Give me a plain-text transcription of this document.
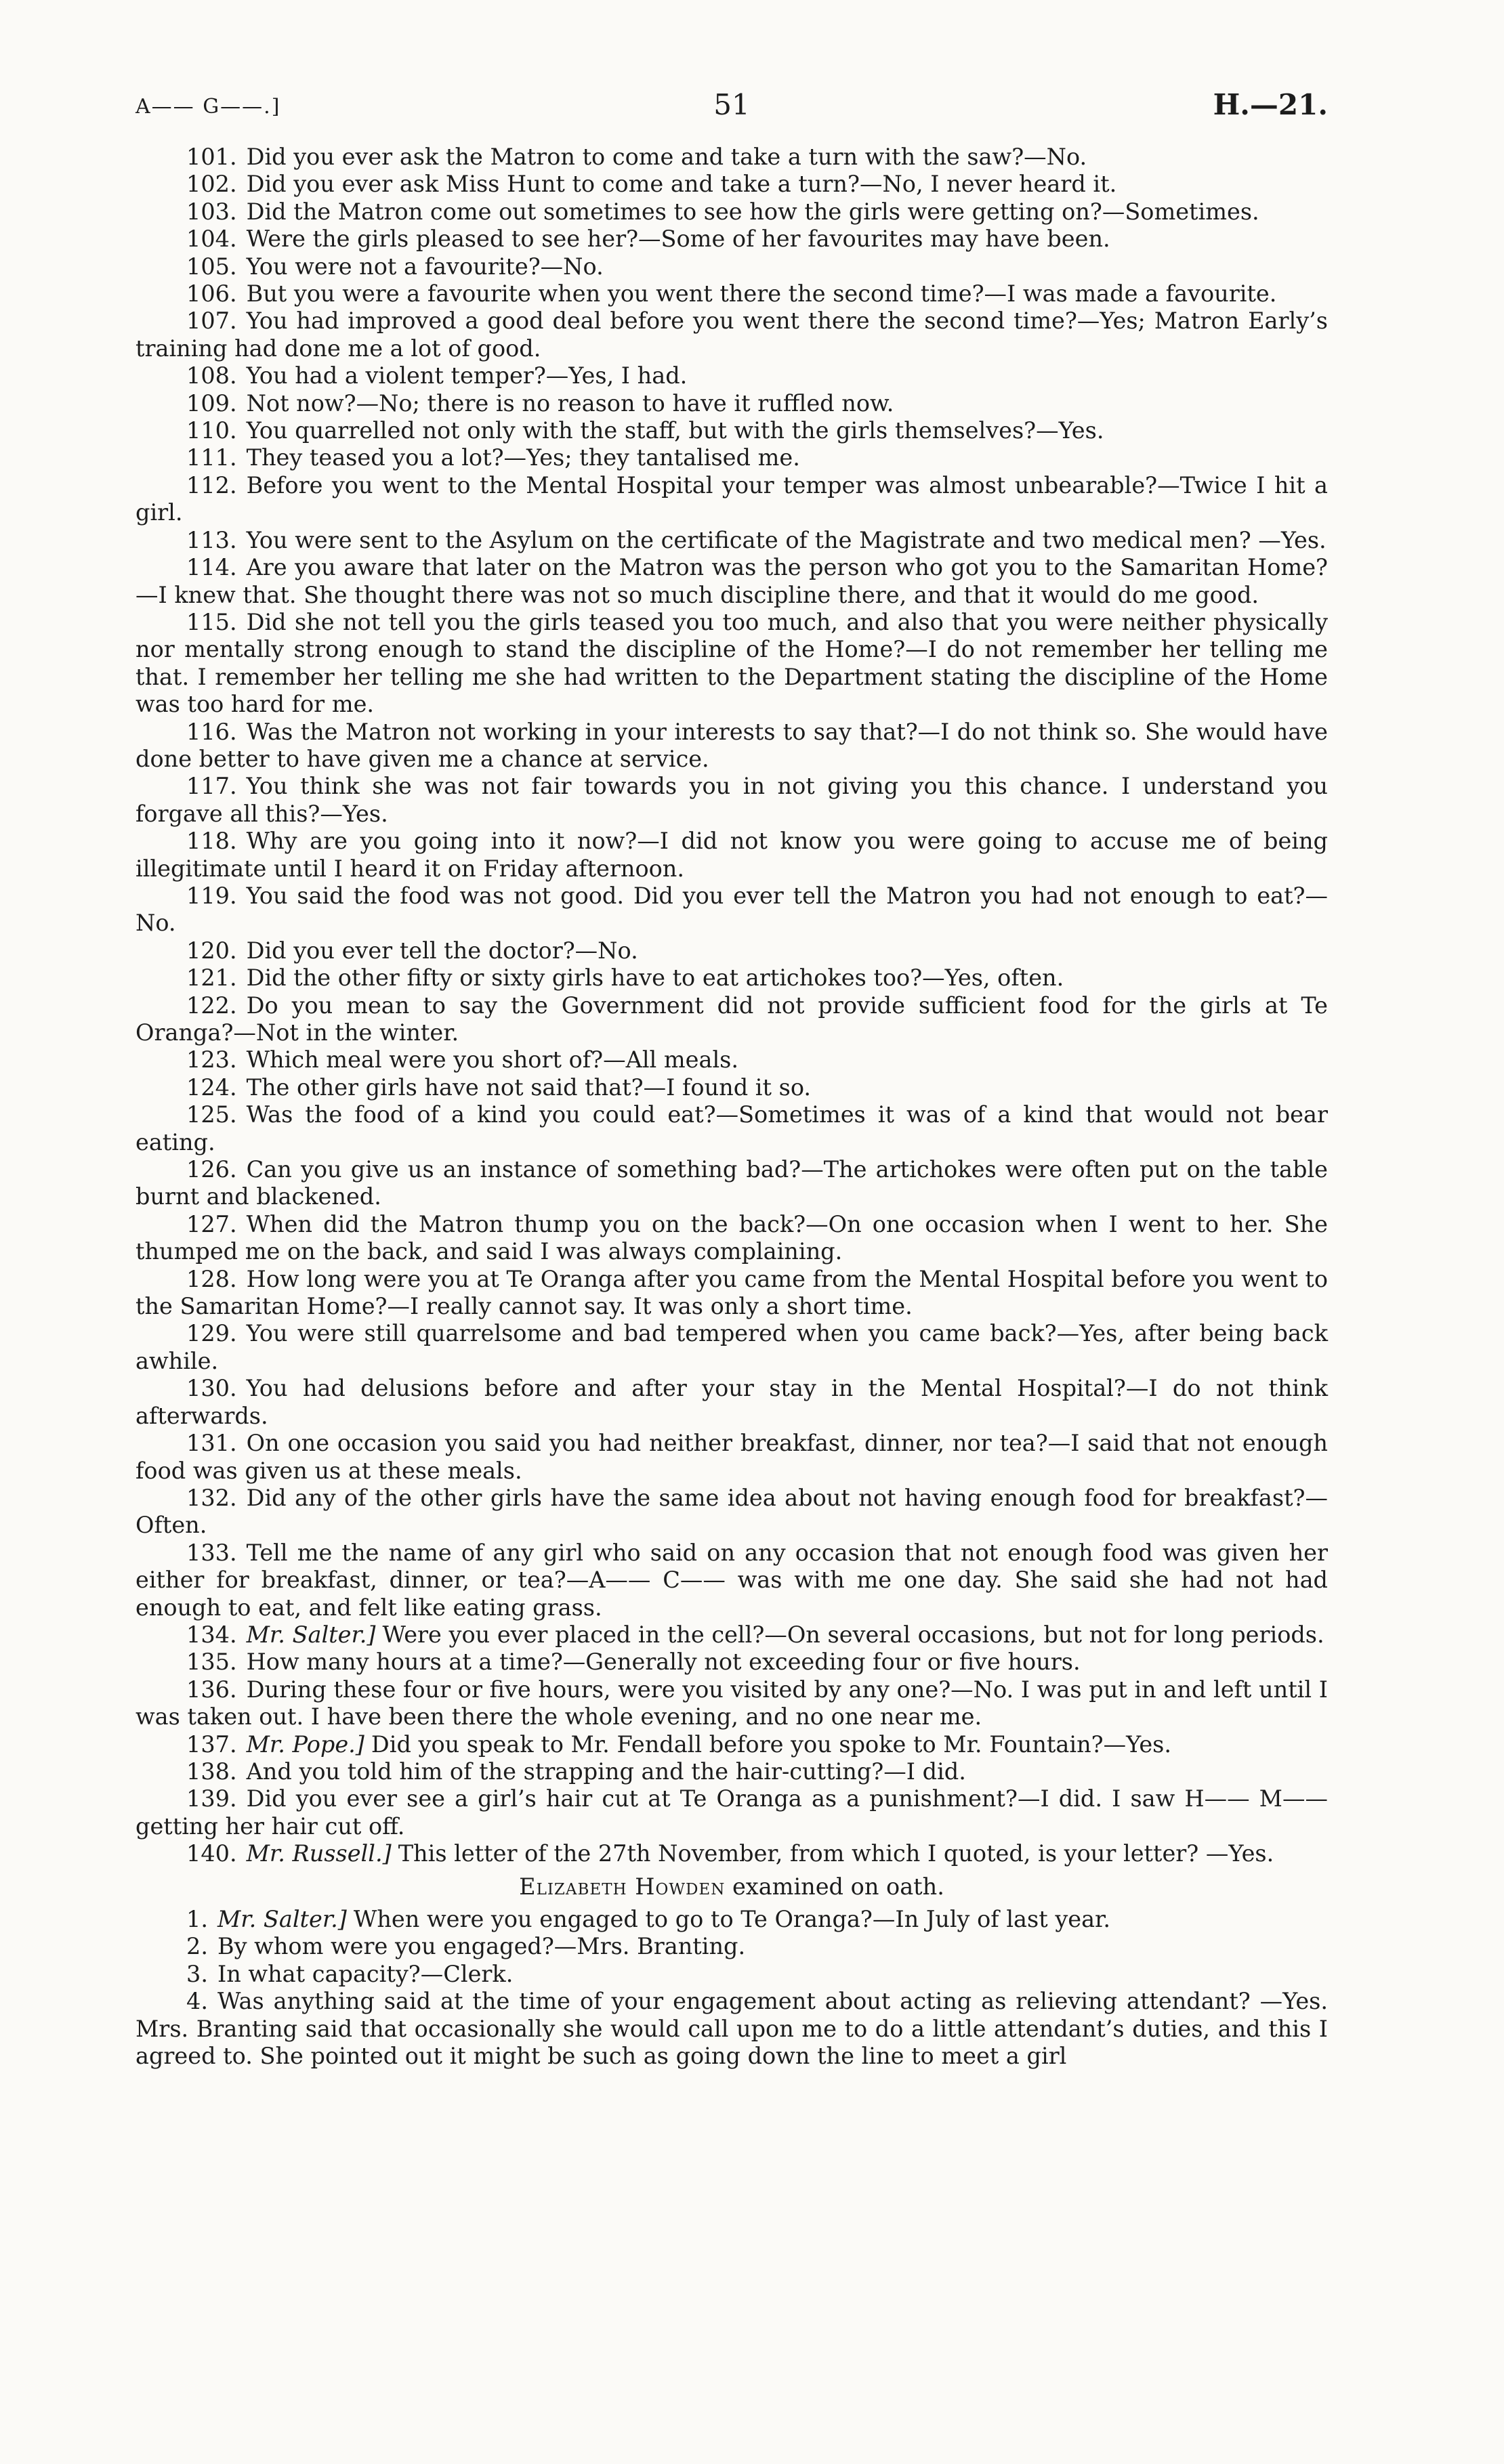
A—— G——.]	51	H.—21.

101. Did you ever ask the Matron to come and take a turn with the saw?—No.

102. Did you ever ask Miss Hunt to come and take a turn?—No, I never heard it.

103. Did the Matron come out sometimes to see how the girls were getting on?—Sometimes.

104. Were the girls pleased to see her?—Some of her favourites may have been.

105. You were not a favourite?—No.

106. But you were a favourite when you went there the second time?—I was made a favourite.

107. You had improved a good deal before you went there the second time?—Yes; Matron Early’s training had done me a lot of good.

108. You had a violent temper?—Yes, I had.

109. Not now?—No; there is no reason to have it ruffled now.

110. You quarrelled not only with the staff, but with the girls themselves?—Yes.

111. They teased you a lot?—Yes; they tantalised me.

112. Before you went to the Mental Hospital your temper was almost unbearable?—Twice I hit a girl.

113. You were sent to the Asylum on the certificate of the Magistrate and two medical men? —Yes.

114. Are you aware that later on the Matron was the person who got you to the Samaritan Home?—I knew that. She thought there was not so much discipline there, and that it would do me good.

115. Did she not tell you the girls teased you too much, and also that you were neither physically nor mentally strong enough to stand the discipline of the Home?—I do not remember her telling me that. I remember her telling me she had written to the Department stating the discipline of the Home was too hard for me.

116. Was the Matron not working in your interests to say that?—I do not think so. She would have done better to have given me a chance at service.

117. You think she was not fair towards you in not giving you this chance. I understand you forgave all this?—Yes.

118. Why are you going into it now?—I did not know you were going to accuse me of being illegitimate until I heard it on Friday afternoon.

119. You said the food was not good. Did you ever tell the Matron you had not enough to eat?—No.

120. Did you ever tell the doctor?—No.

121. Did the other fifty or sixty girls have to eat artichokes too?—Yes, often.

122. Do you mean to say the Government did not provide sufficient food for the girls at Te Oranga?—Not in the winter.

123. Which meal were you short of?—All meals.

124. The other girls have not said that?—I found it so.

125. Was the food of a kind you could eat?—Sometimes it was of a kind that would not bear eating.

126. Can you give us an instance of something bad?—The artichokes were often put on the table burnt and blackened.

127. When did the Matron thump you on the back?—On one occasion when I went to her. She thumped me on the back, and said I was always complaining.

128. How long were you at Te Oranga after you came from the Mental Hospital before you went to the Samaritan Home?—I really cannot say. It was only a short time.

129. You were still quarrelsome and bad tempered when you came back?—Yes, after being back awhile.

130. You had delusions before and after your stay in the Mental Hospital?—I do not think afterwards.

131. On one occasion you said you had neither breakfast, dinner, nor tea?—I said that not enough food was given us at these meals.

132. Did any of the other girls have the same idea about not having enough food for breakfast?—Often.

133. Tell me the name of any girl who said on any occasion that not enough food was given her either for breakfast, dinner, or tea?—A—— C—— was with me one day. She said she had not had enough to eat, and felt like eating grass.

134. Mr. Salter.] Were you ever placed in the cell?—On several occasions, but not for long periods.

135. How many hours at a time?—Generally not exceeding four or five hours.

136. During these four or five hours, were you visited by any one?—No. I was put in and left until I was taken out. I have been there the whole evening, and no one near me.

137. Mr. Pope.] Did you speak to Mr. Fendall before you spoke to Mr. Fountain?—Yes.

138. And you told him of the strapping and the hair-cutting?—I did.

139. Did you ever see a girl’s hair cut at Te Oranga as a punishment?—I did. I saw H—— M—— getting her hair cut off.

140. Mr. Russell.] This letter of the 27th November, from which I quoted, is your letter? —Yes.

Elizabeth Howden examined on oath.

1. Mr. Salter.] When were you engaged to go to Te Oranga?—In July of last year.

2. By whom were you engaged?—Mrs. Branting.

3. In what capacity?—Clerk.

4. Was anything said at the time of your engagement about acting as relieving attendant? —Yes. Mrs. Branting said that occasionally she would call upon me to do a little attendant’s duties, and this I agreed to. She pointed out it might be such as going down the line to meet a girl
